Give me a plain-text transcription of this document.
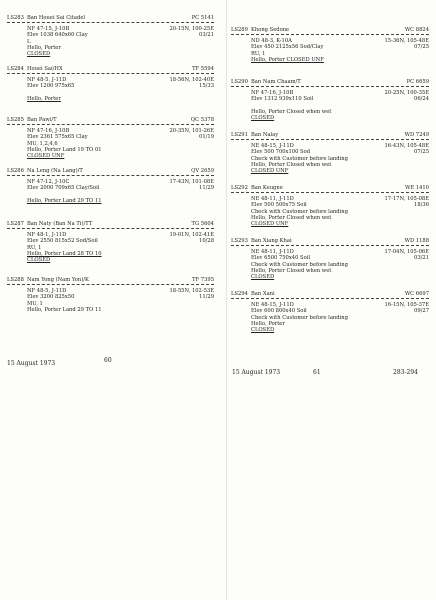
LS283 Ban Houei Sai Citadel	PC 5141
NF 47-15, J-10B	20-15N, 100-25E
Elev 1038 640x60 Clay	03/21
L
Hello, Porter
CLOSED
LS284 Houei Sai/HX	TF 5594
NF 48-5, J-11D	18-56N, 102-40E
Elev 1200 975x65	15/33
Hello, Porter
LS285 Ban Pawi/T	QC 5378
NF 47-16, J-10B	20-35N, 101-26E
Elev 2361 575x65 Clay	01/19
MU, 1,2,4,6
Hello, Porter Land 19 TO 01
CLOSED UNF
LS286 Na Leng (Na Lang)/T	QV 2659
NF 47-12, J-10C	17-43N, 101-08E
Elev 2000 709x65 Clay/Soil	11/29
Hello, Porter Land 29 TO 11
LS287 Ban Naty (Ban Na Ti)/TT	TG 5604
NF 48-1, J-11D	19-01N, 102-41E
Elev 2550 815x52 Sod/Soil	10/28
RU, 1
Hello, Porter Land 28 TO 10
CLOSED
LS288 Nam Yong (Nam Yon)/K	TF 7395
NF 48-5, J-11D	18-55N, 102-53E
Elev 3200 825x50	11/29
MU, 1
Hello, Porter Land 29 TO 11
LS289 Khong Sedone	WC 8824
ND 48-3, K-10A	15-36N, 105-48E
Elev 450 2125x56 Sod/Clay	07/25
RU, 1
Hello, Porter CLOSED UNF
LS290 Ban Nam Chaam/T	PC 6659
NF 47-16, J-10B	20-25N, 100-35E
Elev 1312 939x110 Soil	06/24
Hello, Porter Closed when wet
CLOSED
LS291 Ban Nalay	WD 7249
NE 48-15, J-11D	16-43N, 105-48E
Elev 500 700x100 Sod	07/25
Check with Customer before landing
Hello, Porter Closed when wet
CLOSED UNF
LS292 Ban Keugne	WE 1410
NE 48-11, J-11D	17-17N, 105-08E
Elev 500 500x75 Soil	18/36
Check with Customer before landing
Hello, Porter Closed when wet
CLOSED UNF
LS293 Ban Xiang Khai	WD 1188
NE 48-11, J-11D	17-04N, 105-06E
Elev 6500 750x40 Soil	03/21
Check with Customer before landing
Hello, Porter Closed when wet
CLOSED
LS294 Ban Xani	WC 6697
NE 48-15, J-11D	16-15N, 105-37E
Elev 600 800x40 Soil	09/27
Check with Customer before landing
Hello, Porter
CLOSED
15 August 1973	60
15 August 1973	61	283-294
